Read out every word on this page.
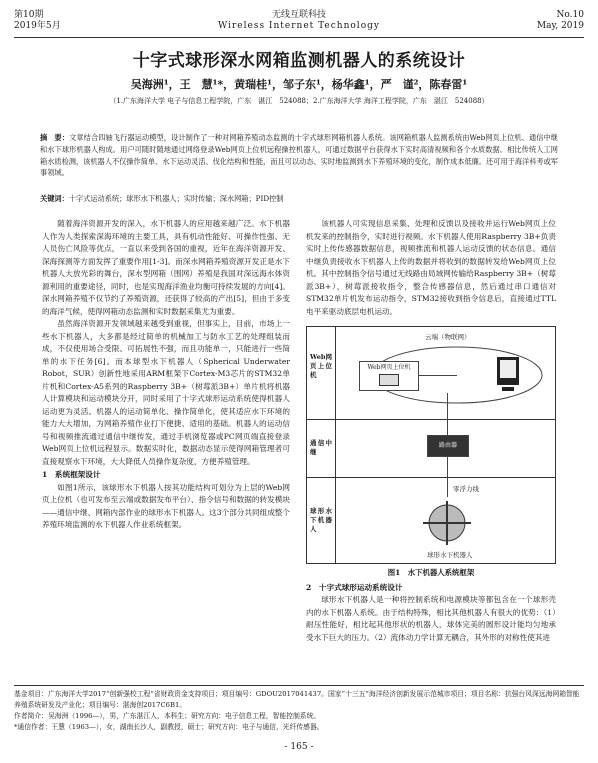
第10期
2019年5月
无线互联科技
Wireless Internet Technology
No.10
May, 2019
十字式球形深水网箱监测机器人的系统设计
吴海洲¹，王　慧¹*，黄瑞桂¹，邹子东¹，杨华鑫¹，严　谨²，陈春雷¹
（1.广东海洋大学 电子与信息工程学院，广东　湛江　524088；2.广东海洋大学 海洋工程学院，广东　湛江　524088）
摘　要：文章结合四轴飞行器运动模型，设计制作了一种对网箱养殖动态监测的十字式球形网箱机器人系统。该网箱机器人监测系统由Web网页上位机、通信中继和水下球形机器人构成。用户可随时随地通过网络登录Web网页上位机远程操控机器人，可通过数据平台获得水下实时高清视频和各个水质数据。相比传统人工网箱水质检测，该机器人不仅操作简单、水下运动灵活、伐化结构和性能，而且可以动态、实时地监测到水下养殖环境的变化，制作成本低廉。还可用于海洋科考或军事领域。
关键词：十字式运动系统；球形水下机器人；实时传输；深水网箱；PID控制

随着海洋资源开发的深入，水下机器人的应用越来越广泛。水下机器人作为人类探索深海环境的主要工具，具有机动性能好、可操作性强、无人员伤亡风险等优点，一直以来受到各国的重视，近年在海洋资源开发、深海探测等方面发挥了重要作用[1-3]。而深水网箱养殖资源开发正是水下机器人大放光彩的舞台，深水型网箱（围网）养殖是我国对深远海水体资源利用的重要途径，同时，也是实现海洋渔业均衡可持续发展的方向[4]。深水网箱养殖不仅节约了养殖资源，还获得了较高的产出[5]，但由于多变的海洋气候，使得网箱动态监测和实时数据采集尤为重要。

虽然海洋资源开发领域越来越受到重视，但事实上，目前，市场上一些水下机器人，大多都是经过简单的机械加工与防水工艺的处理组装而成，不仅使用场合受限、可拓展性不强，而且功能单一，只能进行一些简单的水下任务[6]。而本球型水下机器人（Spherical Underwater Robot，SUR）创新性地采用ARM框架下Cortex-M3芯片的STM32单片机和Cortex-A5系列的Raspberry 3B+（树莓派3B+）单片机将机器人计算模块和运动模块分开，同时采用了十字式球形运动系统使得机器人运动更为灵活。机器人的运动简单化、操作简单化，使其适应水下环境的能力大大增加，为网箱养殖作业打下便捷、适用的基础。机器人的运动信号和视频推流通过通信中继传发，通过手机浏览器或PC网页端直接登录Web网页上位机远程显示。数据实时化，数据动态显示使得网箱管理者可直接观察水下环境，大大降低人员操作复杂度，方便养殖管理。

1　系统框架设计

如图1所示，该球形水下机器人按其功能结构可划分为上层的Web网页上位机（也可发布至云端或数据发布平台）、指令信号和数据的转发模块——通信中继、网箱内部作业的球形水下机器人。这3个部分共同组成整个养殖环境监测的水下机器人作业系统框架。

该机器人可实现信息采集、处理和反馈以及接收并运行Web网页上位机发来的控制指令，实时进行视频。水下机器人使用Raspberry 3B+负责实时上传传感器数据信息，视频推流和机器人运动反馈的状态信息。通信中继负责接收水下机器人上传的数据并将收到的数据转发给Web网页上位机。其中控制指令信号通过无线路由局域网传输给Raspberry 3B+（树莓派3B+），树莓派接收指令，整合传感器信息，然后通过串口通信对STM32单片机发布运动指令，STM32接收到指令信息后，直接通过TTL电平来驱动底层电机运动。

Web网页上位机
通信中继
球形水下机器人
云端（物联网）
Web网页上位机
路由器
零浮力线
球形水下机器人
图1　水下机器人系统框架

2　十字式球形运动系统设计

球形水下机器人是一种将控制系统和电源模块等都包含在一个球形壳内的水下机器人系统。由于结构特殊，相比其他机器人有很大的优势：（1）耐压性能好，相比起其他形状的机器人，球体完美的圆形设计能均匀地承受水下巨大的压力。（2）流体动力学计算无耦合，其外形的对称性使其进

基金项目：广东海洋大学2017“创新强校工程”省财政资金支持项目；项目编号：GDOU2017041437。国家“十三五”海洋经济创新发展示范城市项目；项目名称：抗强台风深远海网箱智能养殖系统研发及产业化；项目编号：湛海创2017C6B1。
作者简介：吴海洲（1996—），男，广东湛江人，本科生；研究方向：电子信息工程，智能控制系统。
*通信作者：王慧（1963—），女，湖南长沙人，副教授，硕士；研究方向：电子与通信，光纤传感器。
- 165 -
